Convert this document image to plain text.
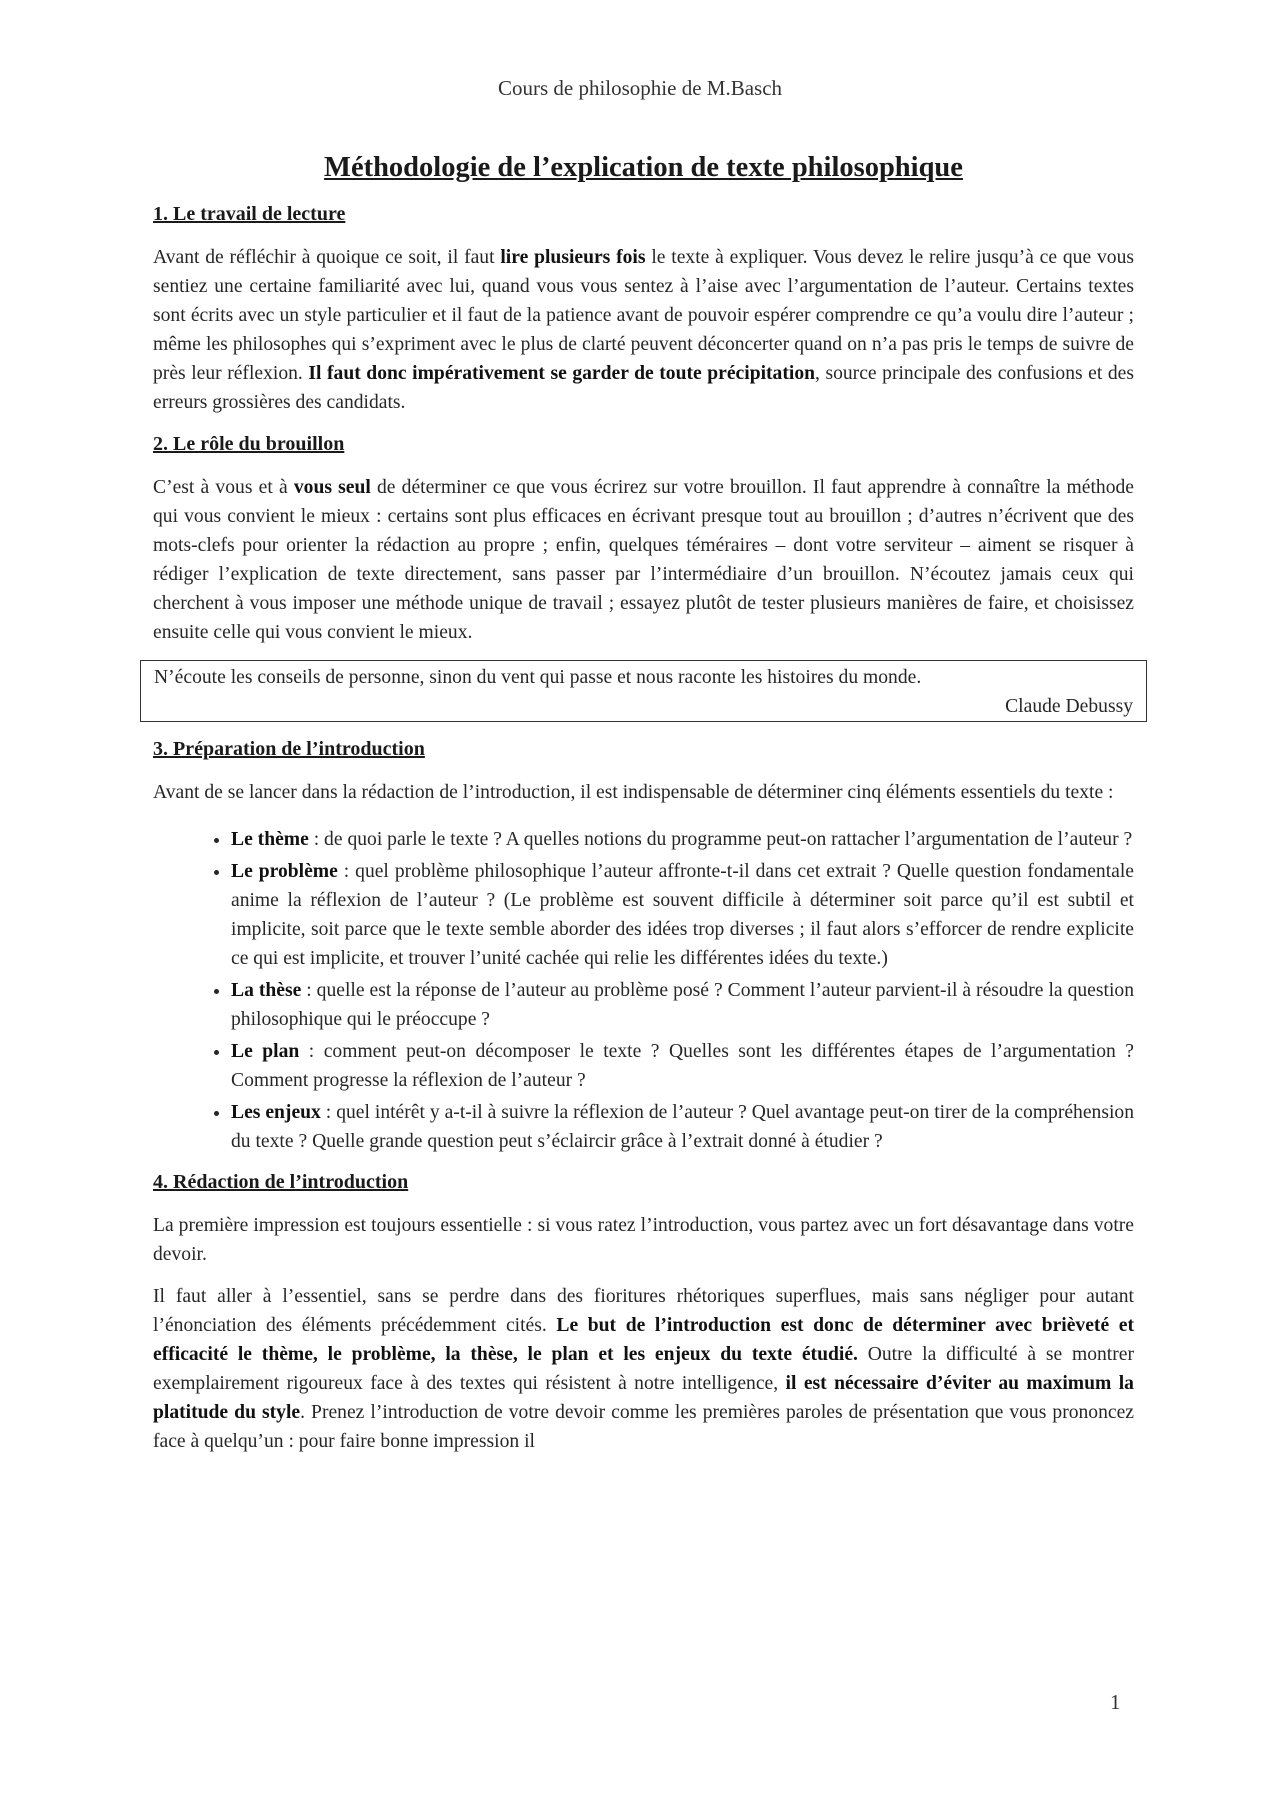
Cours de philosophie de M.Basch
Méthodologie de l’explication de texte philosophique
1. Le travail de lecture

Avant de réfléchir à quoique ce soit, il faut lire plusieurs fois le texte à expliquer. Vous devez le relire jusqu’à ce que vous sentiez une certaine familiarité avec lui, quand vous vous sentez à l’aise avec l’argumentation de l’auteur. Certains textes sont écrits avec un style particulier et il faut de la patience avant de pouvoir espérer comprendre ce qu’a voulu dire l’auteur ; même les philosophes qui s’expriment avec le plus de clarté peuvent déconcerter quand on n’a pas pris le temps de suivre de près leur réflexion. Il faut donc impérativement se garder de toute précipitation, source principale des confusions et des erreurs grossières des candidats.

2. Le rôle du brouillon

C’est à vous et à vous seul de déterminer ce que vous écrirez sur votre brouillon. Il faut apprendre à connaître la méthode qui vous convient le mieux : certains sont plus efficaces en écrivant presque tout au brouillon ; d’autres n’écrivent que des mots-clefs pour orienter la rédaction au propre ; enfin, quelques téméraires – dont votre serviteur – aiment se risquer à rédiger l’explication de texte directement, sans passer par l’intermédiaire d’un brouillon. N’écoutez jamais ceux qui cherchent à vous imposer une méthode unique de travail ; essayez plutôt de tester plusieurs manières de faire, et choisissez ensuite celle qui vous convient le mieux.

N’écoute les conseils de personne, sinon du vent qui passe et nous raconte les histoires du monde.

Claude Debussy

3. Préparation de l’introduction

Avant de se lancer dans la rédaction de l’introduction, il est indispensable de déterminer cinq éléments essentiels du texte :

• Le thème : de quoi parle le texte ? A quelles notions du programme peut-on rattacher l’argumentation de l’auteur ?
• Le problème : quel problème philosophique l’auteur affronte-t-il dans cet extrait ? Quelle question fondamentale anime la réflexion de l’auteur ? (Le problème est souvent difficile à déterminer soit parce qu’il est subtil et implicite, soit parce que le texte semble aborder des idées trop diverses ; il faut alors s’efforcer de rendre explicite ce qui est implicite, et trouver l’unité cachée qui relie les différentes idées du texte.)
• La thèse : quelle est la réponse de l’auteur au problème posé ? Comment l’auteur parvient-il à résoudre la question philosophique qui le préoccupe ?
• Le plan : comment peut-on décomposer le texte ? Quelles sont les différentes étapes de l’argumentation ? Comment progresse la réflexion de l’auteur ?
• Les enjeux : quel intérêt y a-t-il à suivre la réflexion de l’auteur ? Quel avantage peut-on tirer de la compréhension du texte ? Quelle grande question peut s’éclaircir grâce à l’extrait donné à étudier ?
4. Rédaction de l’introduction

La première impression est toujours essentielle : si vous ratez l’introduction, vous partez avec un fort désavantage dans votre devoir.

Il faut aller à l’essentiel, sans se perdre dans des fioritures rhétoriques superflues, mais sans négliger pour autant l’énonciation des éléments précédemment cités. Le but de l’introduction est donc de déterminer avec brièveté et efficacité le thème, le problème, la thèse, le plan et les enjeux du texte étudié. Outre la difficulté à se montrer exemplairement rigoureux face à des textes qui résistent à notre intelligence, il est nécessaire d’éviter au maximum la platitude du style. Prenez l’introduction de votre devoir comme les premières paroles de présentation que vous prononcez face à quelqu’un : pour faire bonne impression il

1
